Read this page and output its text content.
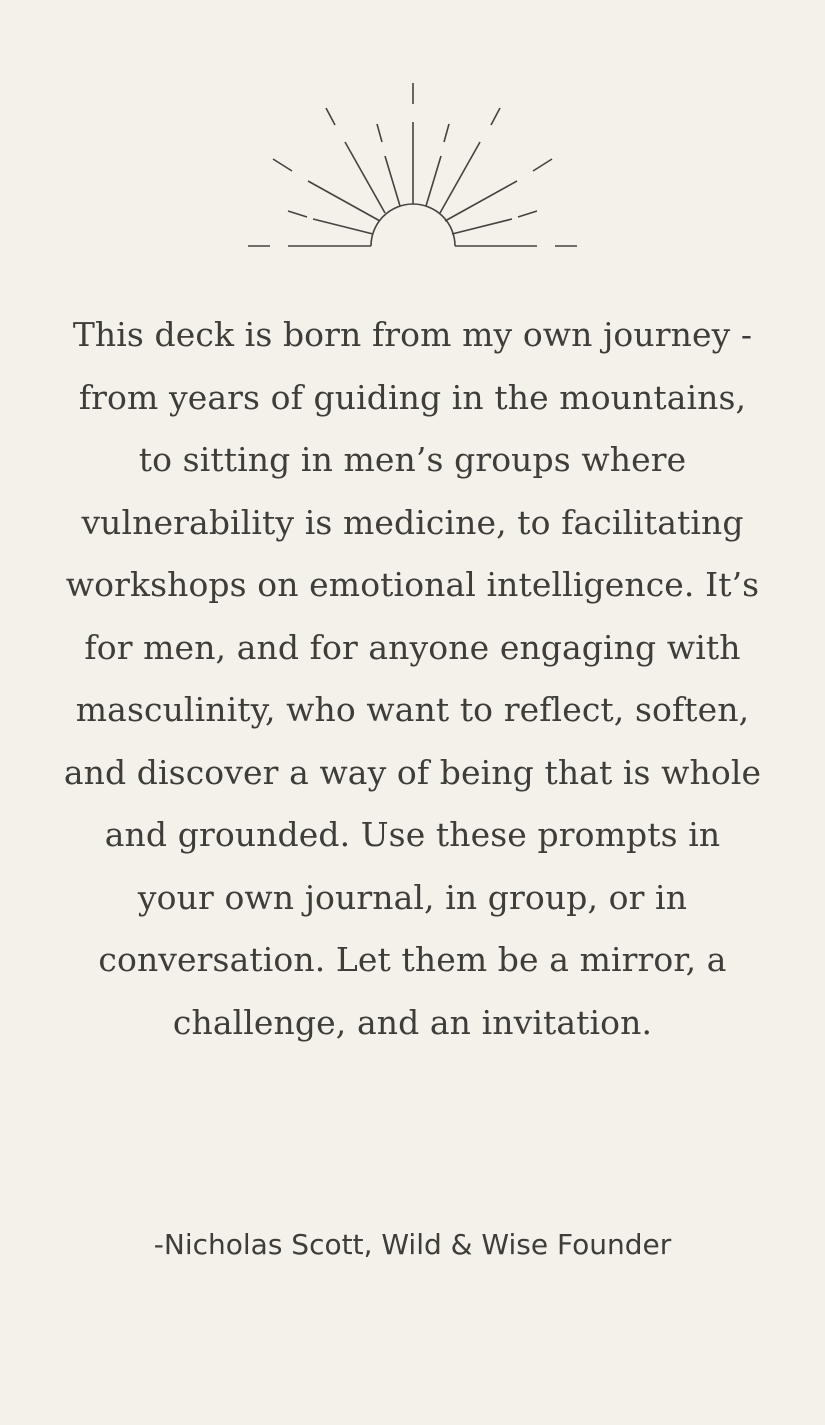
This deck is born from my own journey - from years of guiding in the mountains, to sitting in men’s groups where vulnerability is medicine, to facilitating workshops on emotional intelligence. It’s for men, and for anyone engaging with masculinity, who want to reflect, soften, and discover a way of being that is whole and grounded. Use these prompts in your own journal, in group, or in conversation. Let them be a mirror, a challenge, and an invitation.

-Nicholas Scott, Wild & Wise Founder
